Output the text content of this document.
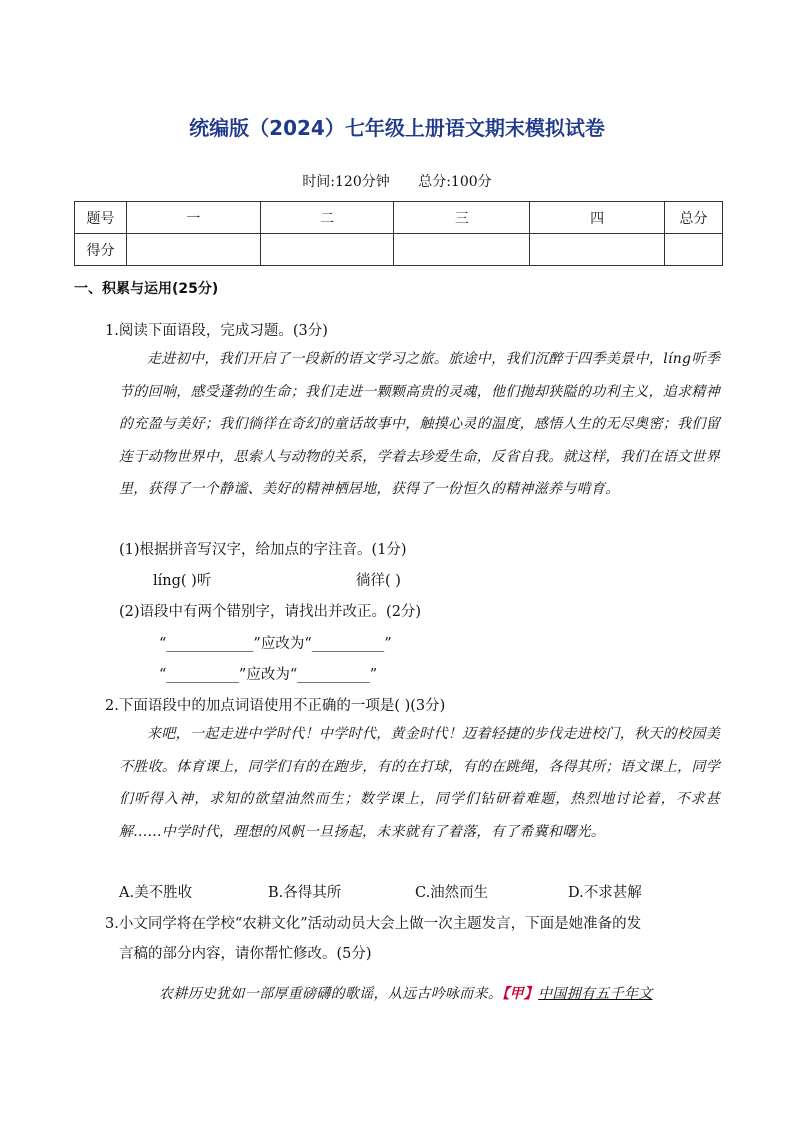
统编版（2024）七年级上册语文期末模拟试卷
时间:120分钟 总分:100分
题号	一	二	三	四	总分
得分					
一、积累与运用(25分)
1.阅读下面语段，完成习题。(3分)
走进初中，我们开启了一段新的语文学习之旅。旅途中，我们沉醉于四季美景中，líng听季节的回响，感受蓬勃的生命；我们走进一颗颗高贵的灵魂，他们抛却狭隘的功利主义，追求精神的充盈与美好；我们徜徉在奇幻的童话故事中，触摸心灵的温度，感悟人生的无尽奥密；我们留连于动物世界中，思索人与动物的关系，学着去珍爱生命，反省自我。就这样，我们在语文世界里，获得了一个静谧、美好的精神栖居地，获得了一份恒久的精神滋养与啃育。
(1)根据拼音写汉字，给加点的字注音。(1分)
líng( )听	徜徉( )
(2)语段中有两个错别字，请找出并改正。(2分)
“____________”应改为“__________”
“__________”应改为“__________”
2.下面语段中的加点词语使用不正确的一项是( )(3分)
来吧，一起走进中学时代！中学时代，黄金时代！迈着轻捷的步伐走进校门，秋天的校园美不胜收。体育课上，同学们有的在跑步，有的在打球，有的在跳绳，各得其所；语文课上，同学们听得入神，求知的欲望油然而生；数学课上，同学们钻研着难题，热烈地讨论着，不求甚解......中学时代，理想的风帆一旦扬起，未来就有了着落，有了希冀和曙光。
A.美不胜收	B.各得其所	C.油然而生	D.不求甚解
3.小文同学将在学校“农耕文化”活动动员大会上做一次主题发言，下面是她准备的发
言稿的部分内容，请你帮忙修改。(5分)
农耕历史犹如一部厚重磅礴的歌谣，从远古吟咏而来。【甲】中国拥有五千年文
